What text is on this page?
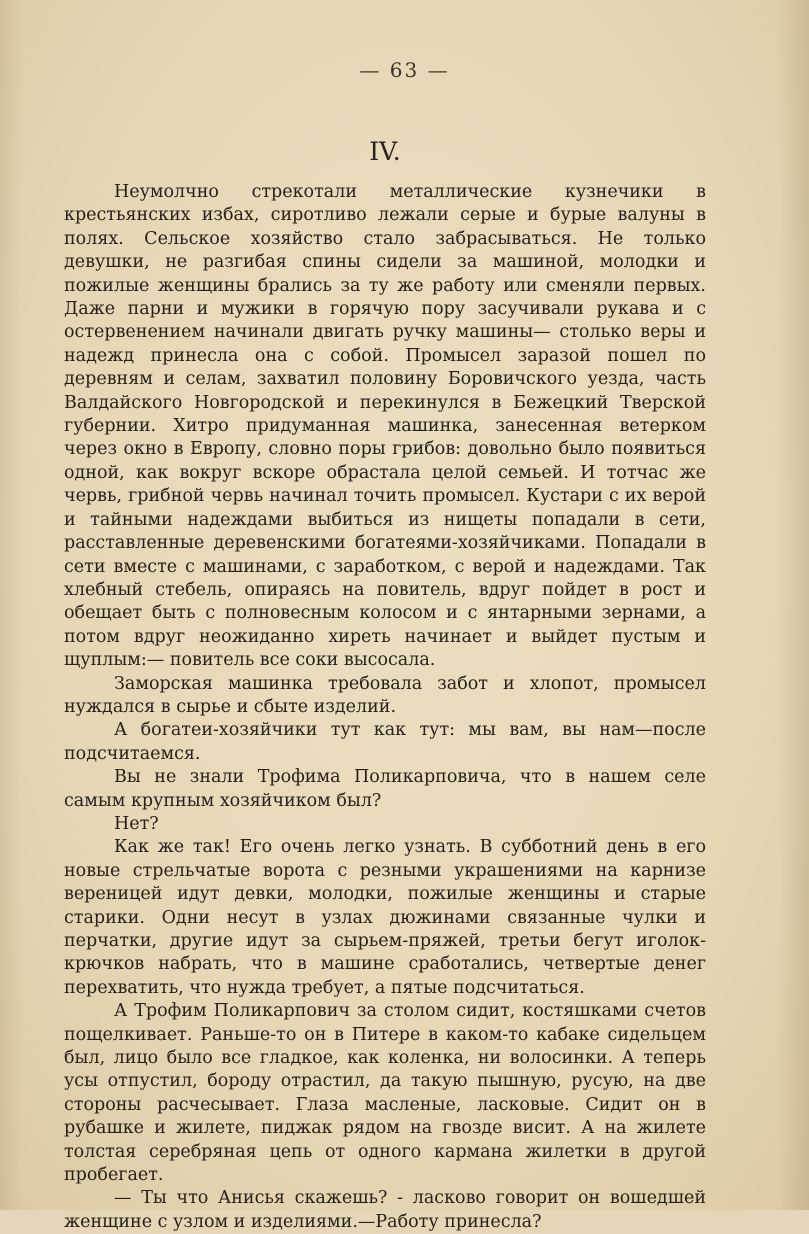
— 63 —
IV.

Неумолчно стрекотали металлические кузнечики в крестьянских избах, сиротливо лежали серые и бурые валуны в полях. Сельское хозяйство стало забрасываться. Не только девушки, не разгибая спины сидели за машиной, молодки и пожилые женщины брались за ту же работу или сменяли первых. Даже парни и мужики в горячую пору засучивали рукава и с остервенением начинали двигать ручку машины— столько веры и надежд принесла она с собой. Промысел заразой пошел по деревням и селам, захватил половину Боровичского уезда, часть Валдайского Новгородской и перекинулся в Бежецкий Тверской губернии. Хитро придуманная машинка, занесенная ветерком через окно в Европу, словно поры грибов: довольно было появиться одной, как вокруг вскоре обрастала целой семьей. И тотчас же червь, грибной червь начинал точить промысел. Кустари с их верой и тайными надеждами выбиться из нищеты попадали в сети, расставленные деревенскими богатеями-хозяйчиками. Попадали в сети вместе с машинами, с заработком, с верой и надеждами. Так хлебный стебель, опираясь на повитель, вдруг пойдет в рост и обещает быть с полновесным колосом и с янтарными зернами, а потом вдруг неожиданно хиреть начинает и выйдет пустым и щуплым:— повитель все соки высосала.

Заморская машинка требовала забот и хлопот, промысел нуждался в сырье и сбыте изделий.

А богатеи-хозяйчики тут как тут: мы вам, вы нам—после подсчитаемся.

Вы не знали Трофима Поликарповича, что в нашем селе самым крупным хозяйчиком был?

Нет?

Как же так! Его очень легко узнать. В субботний день в его новые стрельчатые ворота с резными украшениями на карнизе вереницей идут девки, молодки, пожилые женщины и старые старики. Одни несут в узлах дюжинами связанные чулки и перчатки, другие идут за сырьем-пряжей, третьи бегут иголок-крючков набрать, что в машине сработались, четвертые денег перехватить, что нужда требует, а пятые подсчитаться.

А Трофим Поликарпович за столом сидит, костяшками счетов пощелкивает. Раньше-то он в Питере в каком-то кабаке сидельцем был, лицо было все гладкое, как коленка, ни волосинки. А теперь усы отпустил, бороду отрастил, да такую пышную, русую, на две стороны расчесывает. Глаза масленые, ласковые. Сидит он в рубашке и жилете, пиджак рядом на гвозде висит. А на жилете толстая серебряная цепь от одного кармана жилетки в другой пробегает.

— Ты что Анисья скажешь? - ласково говорит он вошедшей женщине с узлом и изделиями.—Работу принесла?
